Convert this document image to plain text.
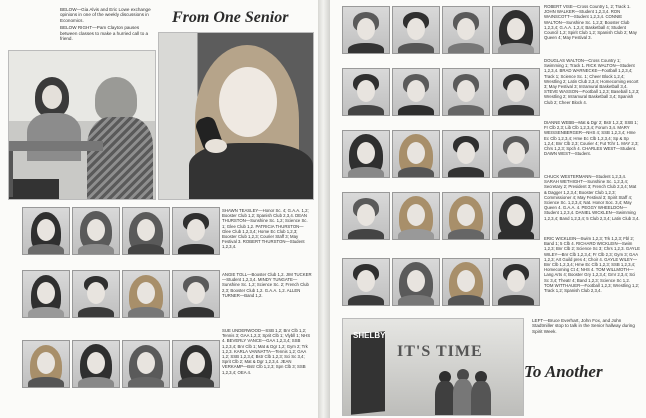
BELOW—Gia Alvis and Eric Lowe exchange opinions in one of the weekly discussions in Economics.

BELOW RIGHT—Pam Clayton pauses between classes to make a hurried call to a friend.

From One Senior
SHAWN TEASLEY—Honor Sc. 4; G.A.A. 1,2; Booster Club 1,2; Spanish Club 2,3,4. DEAN THURSTON—Sunshine Sc. 1,2; Science Sc. 1; Glee Club 1,2. PATRICIA THURSTON—Glee Club 1,2,3,4; Home Ec Club 1,2,3; Booster Club 1,2,3; Courier Staff 3; May Festival 3. ROBERT THURSTON—Student 1,2,3,4.
ANGIE TOLL—Booster Club 1,2. JIM TUCKER—Student 1,2,3,4. MINDY TUNGATE—Sunshine Sc. 1,2; Science Sc. 2; French Club 2,3; Booster Club 1,2. G.A.A. 1,2. ALLEN TURNER—Band 1,2.
SUE UNDERWOOD—SSB 1,2; Bnr Clb 1,2; Tennis 3; GAA 1,2,3; Sprit Clb 1; Vlybll 1; NHS 4. BEVERLY VANCE—GAA 1,2,3,4; SSB 1,2,3,4; Bnr Clb 1; Mat & Dgr 1,2; Gym 2; Trk 1,2,3. KARLA VANNATTA—Tennis 1,2; GAA 1,2; SSB 1,2,3,4; Bstr Clb 1,2,3; Sci Sc 3,4; Sprit Clb 2; Mat & Dgr 1,2,3,4. JEAN VERKAMP—Bstr Clb 1,2,3; Spn Clb 3; SSB 1,2,3,4; OEA 4.
ROBERT VISE—Cross Country 1, 2; Track 1. JOHN WALKER—Student 1,2,3,4. RON WAINSCOTT—Student 1,2,3,4. CONNIE WALTON—Sunshine Sc. 1,2,3; Booster Club 1,2,3,4; G.A.A. 1,2,4; Basketball 4; Student Council 1,2; Spirit Club 1,2; Spanish Club 2; May Queen 4; May Festival 3.
DOUGLAS WALTON—Cross Country 1; Swimming 1; Track 1. RICK WALTON—Student 1,2,3,4. BRAD WARNECKE—Football 1,2,3,4; Track 1; Science Sc. 1; Cheer Block 1,2,4; Wrestling 2; Latin Club 2,3,4; Homecoming escort 3; May Festival 3; Intramural Basketball 3,4. STEVE WASSON—Football 1,2,3; Baseball 1,2,3; Wrestling 2; Intramural Basketball 3,4; Spanish Club 2; Cheer Block 4.
DIANNE WEBB—Mat & Dgr 2; Bstr 1,2,3; SSB 1; Fr Clb 2,3; Lib Clb 1,2,3,4; Forum 3,4. MARY WEISSENBERGER—NHS 4; SSB 1,2,3,4; Hme Ec Clb 1,2,3,4; Hme Ec Clb 1,2,3,4; Sp & Sp 1,2,4; Bnr Clb 2,3; Courier 4; Fut Tchr 1. MAY 2,3; Chrs 1,2,3; Spch 4. CHARLES WEST—Student. DAWN WEST—Student.
CHUCK WESTERMANN—Student 1,2,3,4. SARAH WETHIGHT—Sunshine Sc. 1,2,3,4; Secretary 2; President 3; French Club 2,3,4; Mat & Dagger 1,2,3,4; Booster Club 1,2,3; Commissioner 4; May Festival 3; Spirit Staff 4; Science Sc. 1,2,3,4; Nat. Honor Soc. 3,4; May Queen 4. G.A.A. 4. PEGGY WHEELDON—Student 1,2,3,4. DANIEL WICKLEN—Swimming 1,2,3,4; Band 1,2,3,4; 5 Club 2,3,4; Latin Club 3,4.
ERIC WICKLEIN—Swim 1,2,3; Trk 1,2,3; Fbl 2; Band 1; 5 Clb 4. RICHARD WICKLEIN—Swim 1,2,3; Bnr Clb 2; Science Sc 3; Chrs 1,2,3. GAYLE WILEY—Bnr Clb 1,2,3,4; Fr Clb 2,3; Gym 3; GAA 1,2,3; Art Guild pres 4; Choir 4. GAYLE WILEY—Bnr Clb 1,2,3,4; Hme Ec Clb 1,2,3; SSB 1,2,3,4; Homecoming Ct 4; NHS 4. TOM WILLMOTH—Lang Arts 4; Booster Gry 1,2,3,4; Gmr 2,3,4; Sci Sc 3,4; Theatr 4; Band 1,2,3; Science Sc 1,2. TOM WITTHAUER—Football 1,2,3; Wrestling 1,2; Track 1,2; Spanish Club 2,3,4.
SHELBY
IT'S TIME
LEFT—Bruce Everhart, John Fox, and John Stadtmiller stop to talk in the Senior hallway during Spirit Week.
To Another
